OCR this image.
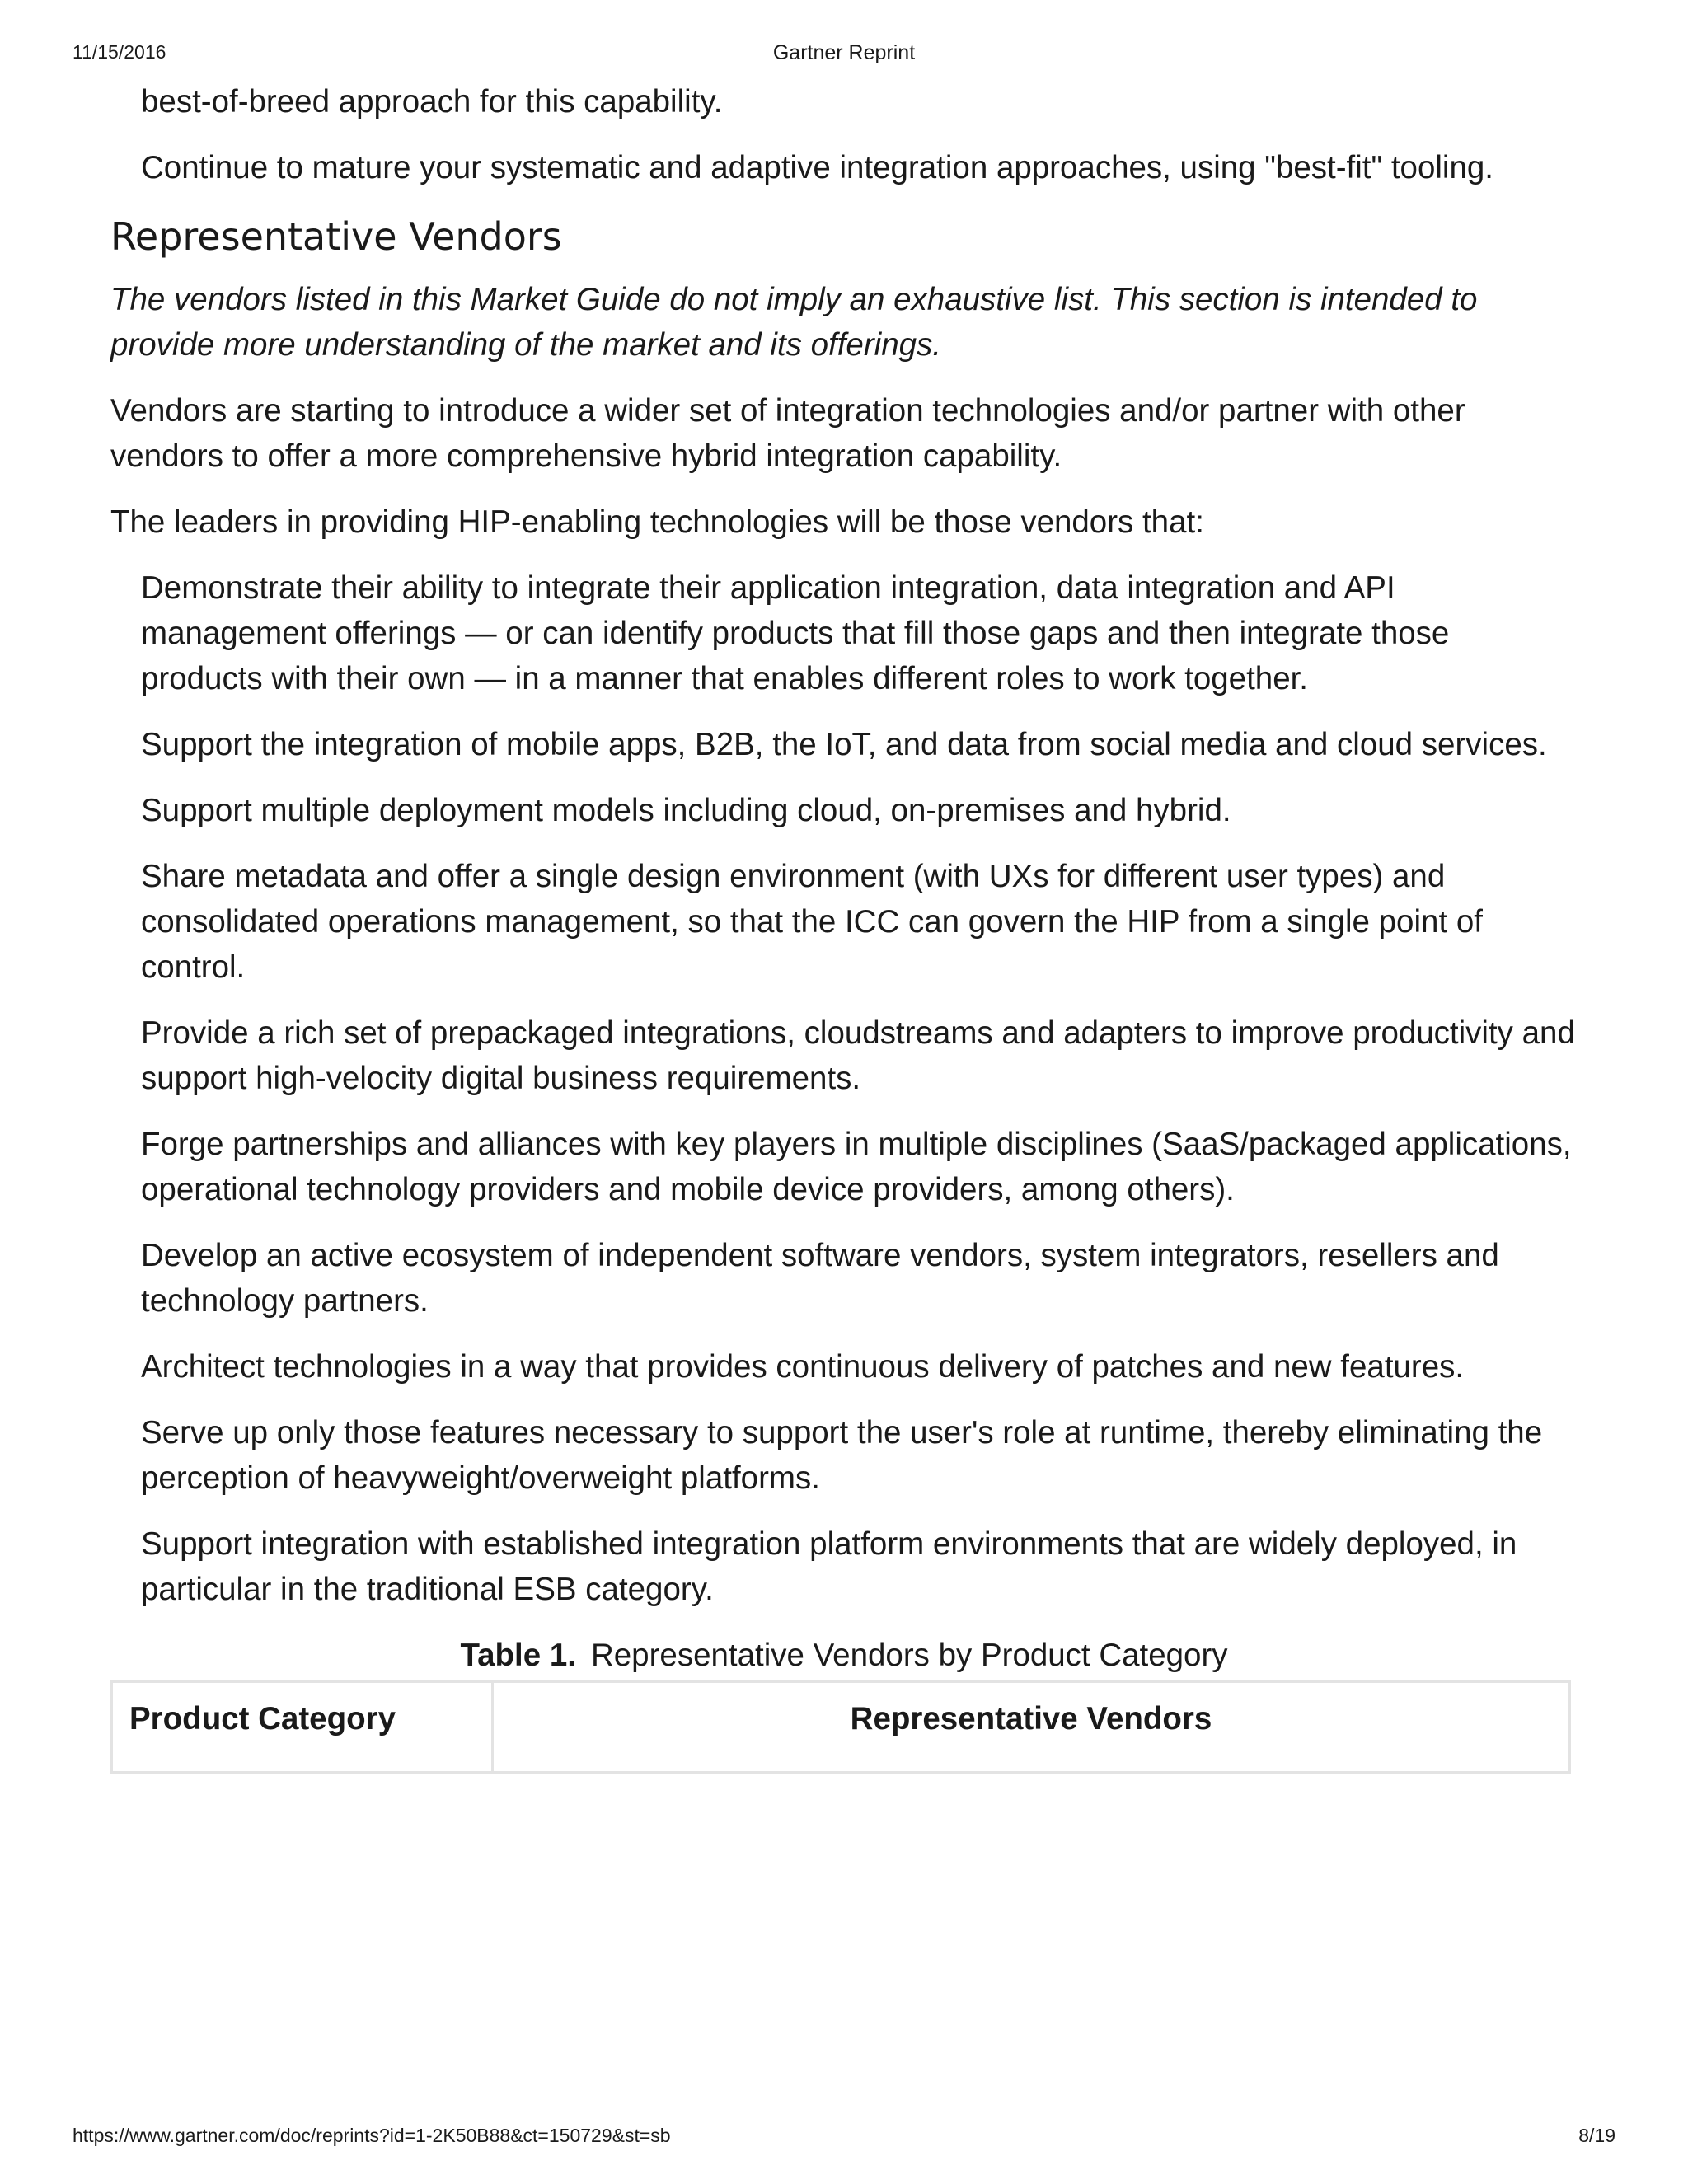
11/15/2016	Gartner Reprint

best-of-breed approach for this capability.

Continue to mature your systematic and adaptive integration approaches, using "best-fit" tooling.

Representative Vendors

The vendors listed in this Market Guide do not imply an exhaustive list. This section is intended to provide more understanding of the market and its offerings.

Vendors are starting to introduce a wider set of integration technologies and/or partner with other vendors to offer a more comprehensive hybrid integration capability.

The leaders in providing HIP-enabling technologies will be those vendors that:

Demonstrate their ability to integrate their application integration, data integration and API management offerings — or can identify products that fill those gaps and then integrate those products with their own — in a manner that enables different roles to work together.

Support the integration of mobile apps, B2B, the IoT, and data from social media and cloud services.

Support multiple deployment models including cloud, on-premises and hybrid.

Share metadata and offer a single design environment (with UXs for different user types) and consolidated operations management, so that the ICC can govern the HIP from a single point of control.

Provide a rich set of prepackaged integrations, cloudstreams and adapters to improve productivity and support high-velocity digital business requirements.

Forge partnerships and alliances with key players in multiple disciplines (SaaS/packaged applications, operational technology providers and mobile device providers, among others).

Develop an active ecosystem of independent software vendors, system integrators, resellers and technology partners.

Architect technologies in a way that provides continuous delivery of patches and new features.

Serve up only those features necessary to support the user's role at runtime, thereby eliminating the perception of heavyweight/overweight platforms.

Support integration with established integration platform environments that are widely deployed, in particular in the traditional ESB category.

Table 1. Representative Vendors by Product Category

Product Category	Representative Vendors
https://www.gartner.com/doc/reprints?id=1-2K50B88&ct=150729&st=sb	8/19
